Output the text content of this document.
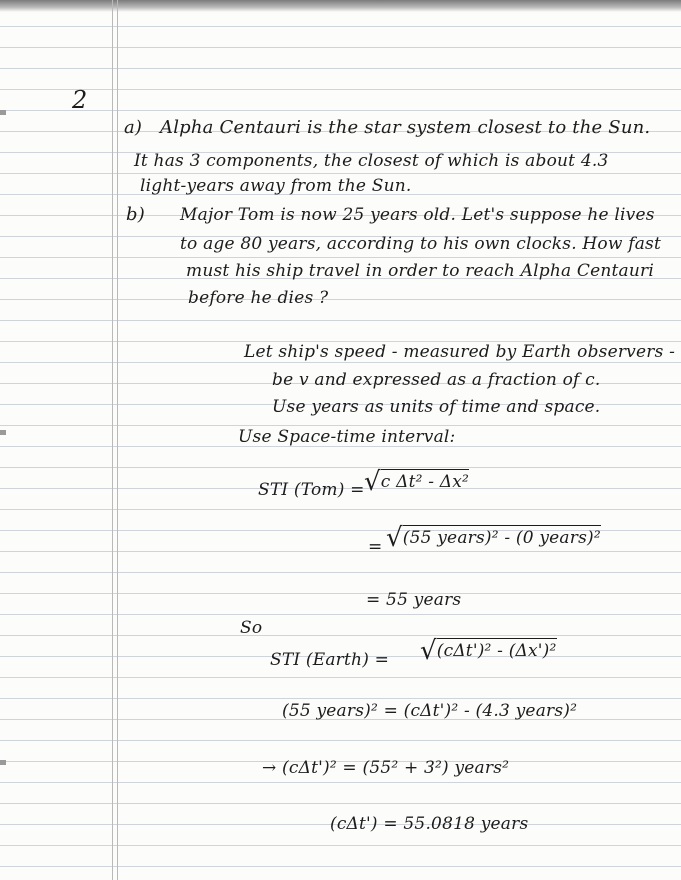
2
a) Alpha Centauri is the star system closest to the Sun.
It has 3 components, the closest of which is about 4.3
light-years away from the Sun.
b) Major Tom is now 25 years old. Let's suppose he lives
to age 80 years, according to his own clocks. How fast
must his ship travel in order to reach Alpha Centauri
before he dies ?
Let ship's speed - measured by Earth observers -
be v and expressed as a fraction of c.
Use years as units of time and space.
Use Space-time interval:
STI (Tom) = √c Δt² - Δx²
= √(55 years)² - (0 years)²
= 55 years
So
STI (Earth) = √(cΔt')² - (Δx')²
(55 years)² = (cΔt')² - (4.3 years)²
→ (cΔt')² = (55² + 3²) years²
(cΔt') = 55.0818 years
